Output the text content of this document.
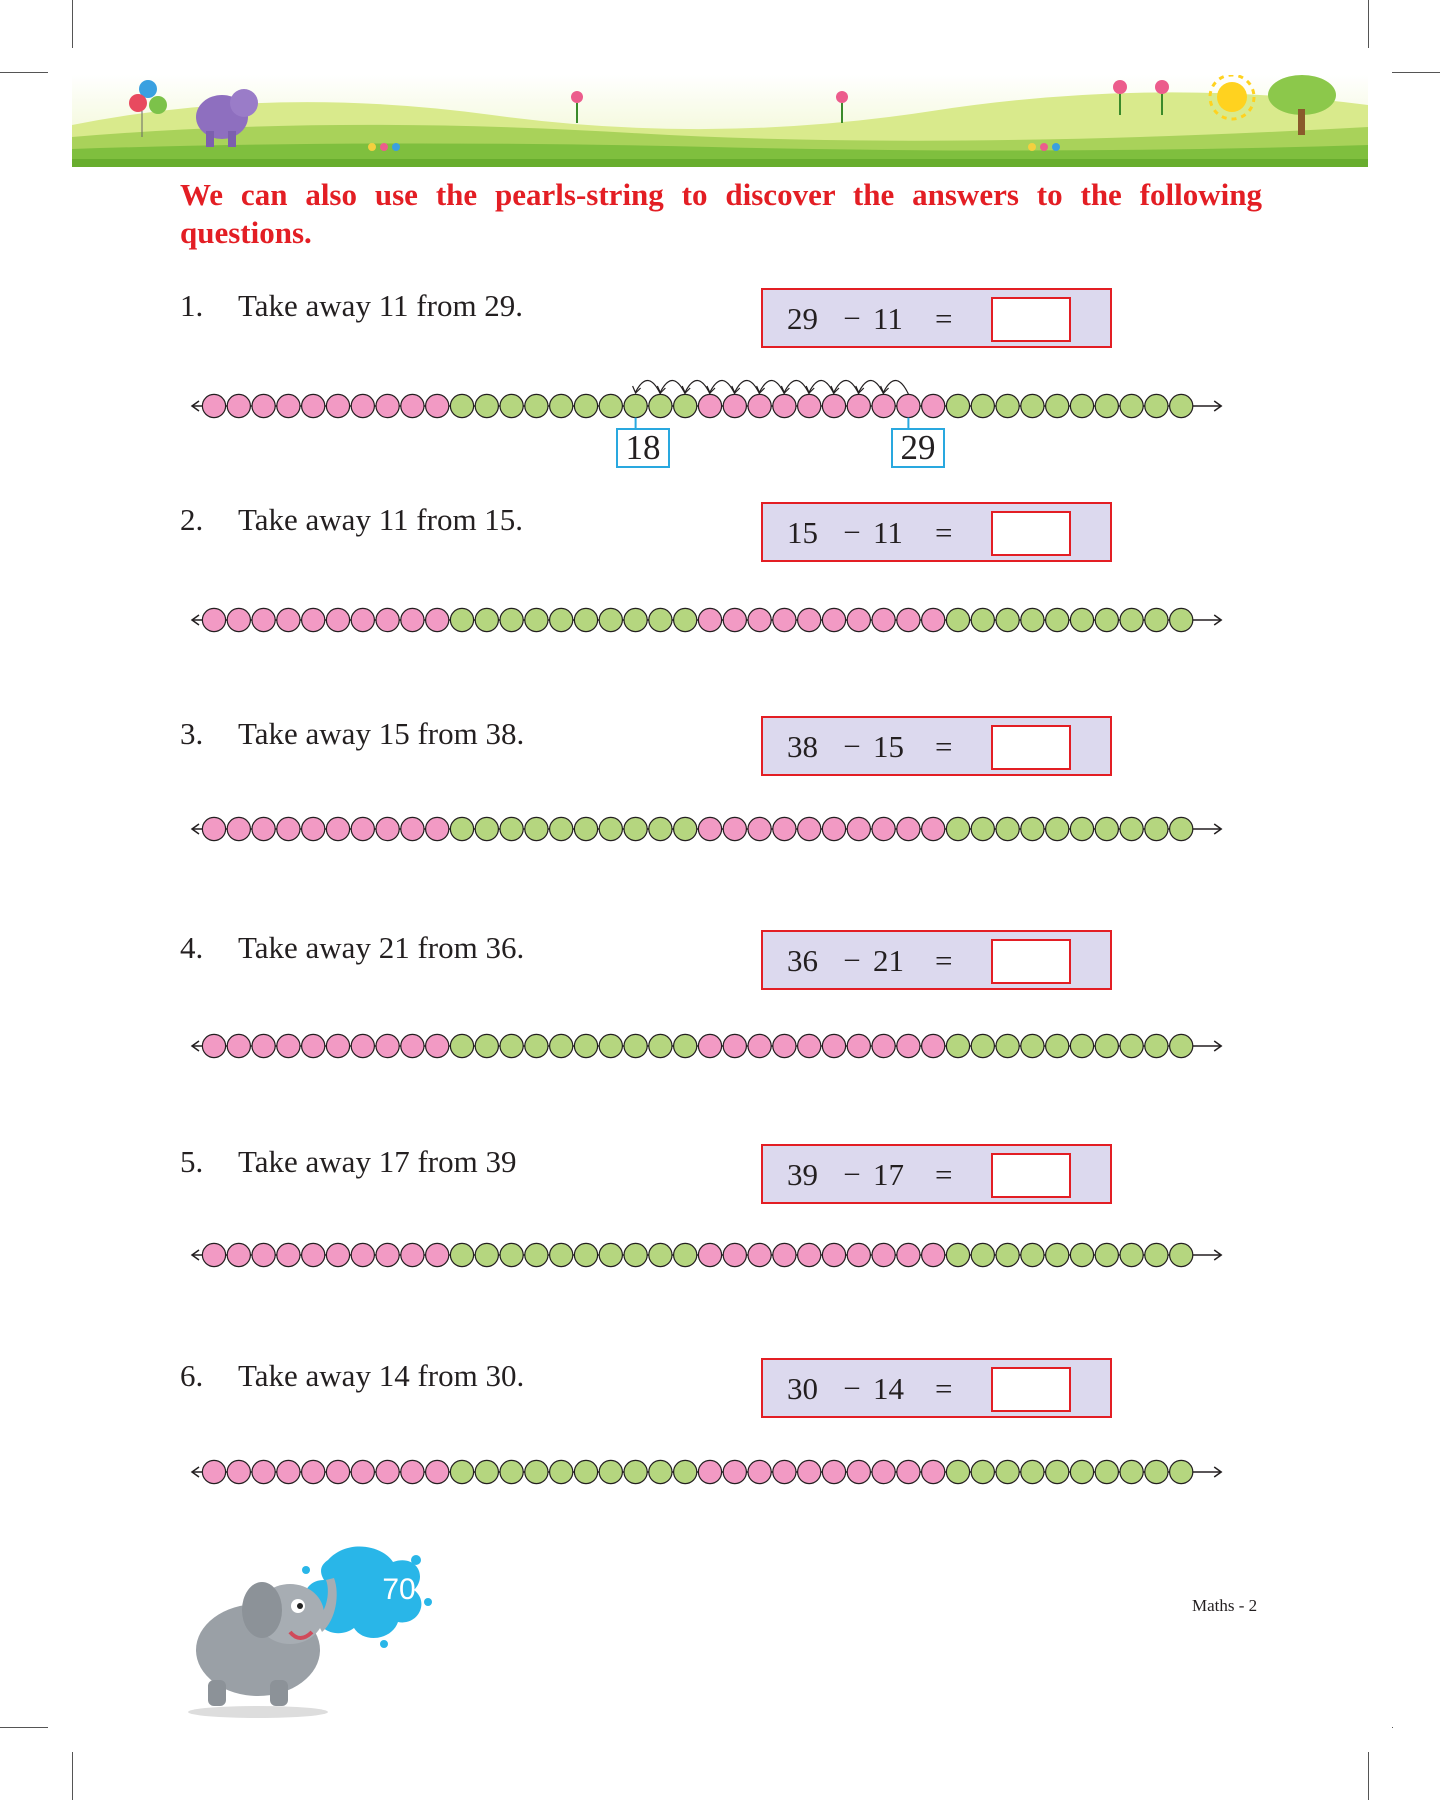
We can also use the pearls-string to discover the answers to the following questions.
1. Take away 11 from 29.	29 – 11 =
18	29
2. Take away 11 from 15.	15 – 11 =
3. Take away 15 from 38.	38 – 15 =
4. Take away 21 from 36.	36 – 21 =
5. Take away 17 from 39	39 – 17 =
6. Take away 14 from 30.	30 – 14 =
70	Maths - 2
